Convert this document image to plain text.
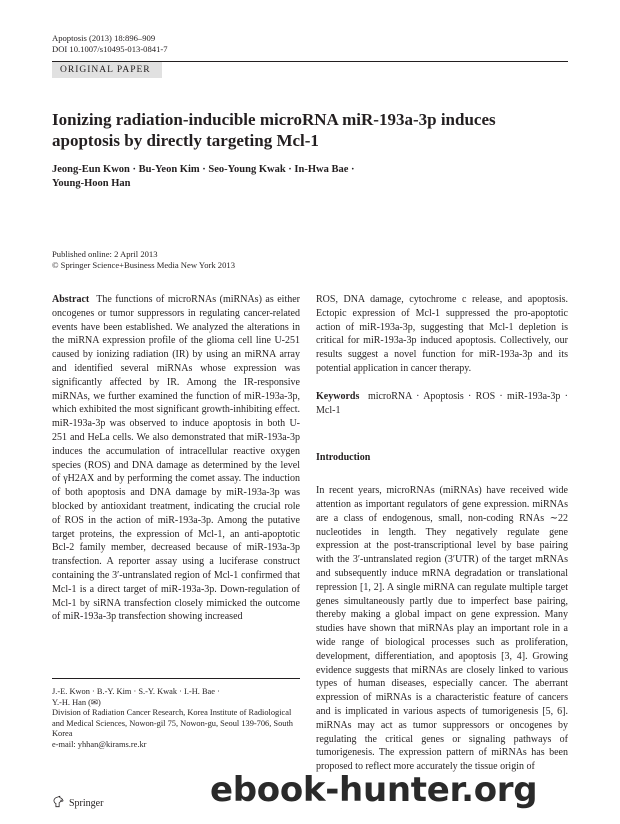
Apoptosis (2013) 18:896–909
DOI 10.1007/s10495-013-0841-7
ORIGINAL PAPER
Ionizing radiation-inducible microRNA miR-193a-3p induces apoptosis by directly targeting Mcl-1
Jeong-Eun Kwon · Bu-Yeon Kim · Seo-Young Kwak · In-Hwa Bae · Young-Hoon Han
Published online: 2 April 2013
© Springer Science+Business Media New York 2013
Abstract The functions of microRNAs (miRNAs) as either oncogenes or tumor suppressors in regulating cancer-related events have been established. We analyzed the alterations in the miRNA expression profile of the glioma cell line U-251 caused by ionizing radiation (IR) by using an miRNA array and identified several miRNAs whose expression was significantly affected by IR. Among the IR-responsive miRNAs, we further examined the function of miR-193a-3p, which exhibited the most significant growth-inhibiting effect. miR-193a-3p was observed to induce apoptosis in both U-251 and HeLa cells. We also demonstrated that miR-193a-3p induces the accumulation of intracellular reactive oxygen species (ROS) and DNA damage as determined by the level of γH2AX and by performing the comet assay. The induction of both apoptosis and DNA damage by miR-193a-3p was blocked by antioxidant treatment, indicating the crucial role of ROS in the action of miR-193a-3p. Among the putative target proteins, the expression of Mcl-1, an anti-apoptotic Bcl-2 family member, decreased because of miR-193a-3p transfection. A reporter assay using a luciferase construct containing the 3′-untranslated region of Mcl-1 confirmed that Mcl-1 is a direct target of miR-193a-3p. Down-regulation of Mcl-1 by siRNA transfection closely mimicked the outcome of miR-193a-3p transfection showing increased
ROS, DNA damage, cytochrome c release, and apoptosis. Ectopic expression of Mcl-1 suppressed the pro-apoptotic action of miR-193a-3p, suggesting that Mcl-1 depletion is critical for miR-193a-3p induced apoptosis. Collectively, our results suggest a novel function for miR-193a-3p and its potential application in cancer therapy.
Keywords microRNA · Apoptosis · ROS · miR-193a-3p · Mcl-1
Introduction
In recent years, microRNAs (miRNAs) have received wide attention as important regulators of gene expression. miRNAs are a class of endogenous, small, non-coding RNAs ∼22 nucleotides in length. They negatively regulate gene expression at the post-transcriptional level by base pairing with the 3′-untranslated region (3′UTR) of the target mRNAs and subsequently induce mRNA degradation or translational repression [1, 2]. A single miRNA can regulate multiple target genes simultaneously partly due to imperfect base pairing, thereby making a global impact on gene expression. Many studies have shown that miRNAs play an important role in a wide range of biological processes such as proliferation, development, differentiation, and apoptosis [3, 4]. Growing evidence suggests that miRNAs are closely linked to various types of human diseases, especially cancer. The aberrant expression of miRNAs is a characteristic feature of cancers and is implicated in various aspects of tumorigenesis [5, 6]. miRNAs may act as tumor suppressors or oncogenes by regulating the critical genes or signaling pathways of tumorigenesis. The expression pattern of miRNAs has been proposed to reflect more accurately the tissue origin of
J.-E. Kwon · B.-Y. Kim · S.-Y. Kwak · I.-H. Bae ·
Y.-H. Han (✉)
Division of Radiation Cancer Research, Korea Institute of Radiological and Medical Sciences, Nowon-gil 75, Nowon-gu, Seoul 139-706, South Korea
e-mail: yhhan@kirams.re.kr
Springer	ebook-hunter.org
